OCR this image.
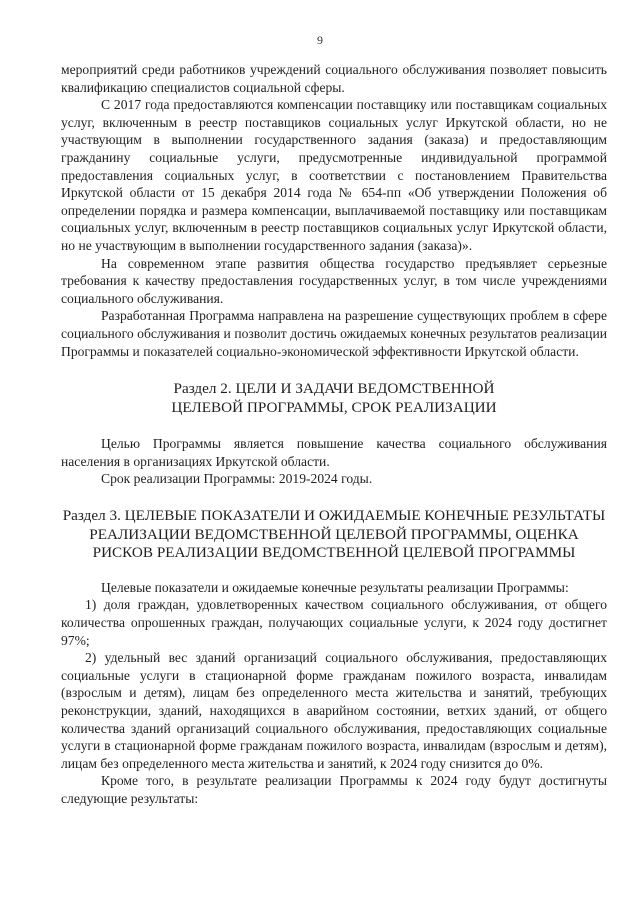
9

мероприятий среди работников учреждений социального обслуживания позволяет повысить квалификацию специалистов социальной сферы.

С 2017 года предоставляются компенсации поставщику или поставщикам социальных услуг, включенным в реестр поставщиков социальных услуг Иркутской области, но не участвующим в выполнении государственного задания (заказа) и предоставляющим гражданину социальные услуги, предусмотренные индивидуальной программой предоставления социальных услуг, в соответствии с постановлением Правительства Иркутской области от 15 декабря 2014 года № 654-пп «Об утверждении Положения об определении порядка и размера компенсации, выплачиваемой поставщику или поставщикам социальных услуг, включенным в реестр поставщиков социальных услуг Иркутской области, но не участвующим в выполнении государственного задания (заказа)».

На современном этапе развития общества государство предъявляет серьезные требования к качеству предоставления государственных услуг, в том числе учреждениями социального обслуживания.

Разработанная Программа направлена на разрешение существующих проблем в сфере социального обслуживания и позволит достичь ожидаемых конечных результатов реализации Программы и показателей социально-экономической эффективности Иркутской области.

Раздел 2. ЦЕЛИ И ЗАДАЧИ ВЕДОМСТВЕННОЙ
ЦЕЛЕВОЙ ПРОГРАММЫ, СРОК РЕАЛИЗАЦИИ

Целью Программы является повышение качества социального обслуживания населения в организациях Иркутской области.

Срок реализации Программы: 2019-2024 годы.

Раздел 3. ЦЕЛЕВЫЕ ПОКАЗАТЕЛИ И ОЖИДАЕМЫЕ КОНЕЧНЫЕ РЕЗУЛЬТАТЫ
РЕАЛИЗАЦИИ ВЕДОМСТВЕННОЙ ЦЕЛЕВОЙ ПРОГРАММЫ, ОЦЕНКА
РИСКОВ РЕАЛИЗАЦИИ ВЕДОМСТВЕННОЙ ЦЕЛЕВОЙ ПРОГРАММЫ

Целевые показатели и ожидаемые конечные результаты реализации Программы:

1) доля граждан, удовлетворенных качеством социального обслуживания, от общего количества опрошенных граждан, получающих социальные услуги, к 2024 году достигнет 97%;

2) удельный вес зданий организаций социального обслуживания, предоставляющих социальные услуги в стационарной форме гражданам пожилого возраста, инвалидам (взрослым и детям), лицам без определенного места жительства и занятий, требующих реконструкции, зданий, находящихся в аварийном состоянии, ветхих зданий, от общего количества зданий организаций социального обслуживания, предоставляющих социальные услуги в стационарной форме гражданам пожилого возраста, инвалидам (взрослым и детям), лицам без определенного места жительства и занятий, к 2024 году снизится до 0%.

Кроме того, в результате реализации Программы к 2024 году будут достигнуты следующие результаты:
